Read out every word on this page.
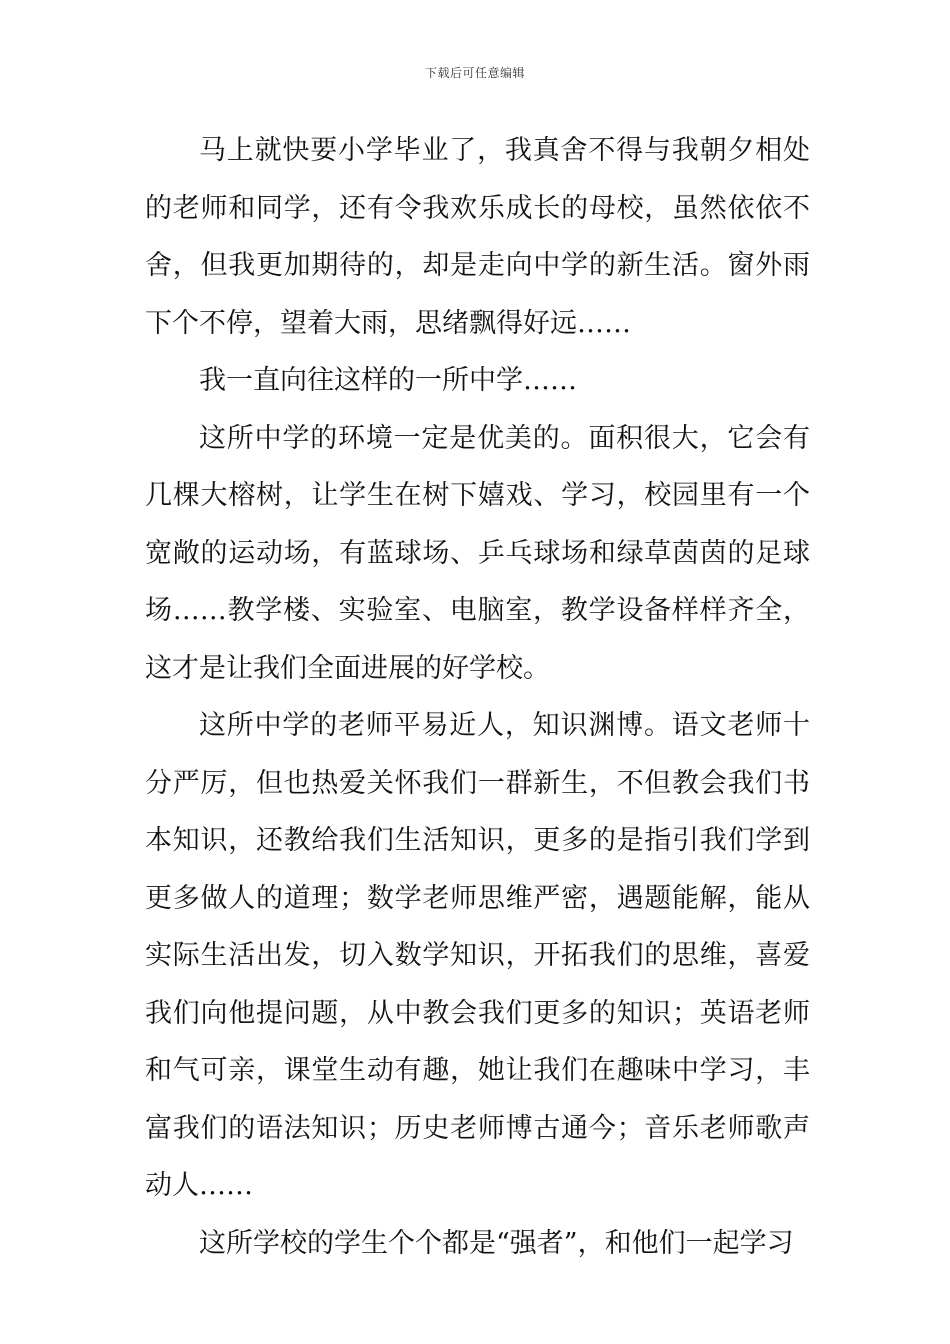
下载后可任意编辑

马上就快要小学毕业了，我真舍不得与我朝夕相处的老师和同学，还有令我欢乐成长的母校，虽然依依不舍，但我更加期待的，却是走向中学的新生活。窗外雨下个不停，望着大雨，思绪飘得好远……

我一直向往这样的一所中学……

这所中学的环境一定是优美的。面积很大，它会有几棵大榕树，让学生在树下嬉戏、学习，校园里有一个宽敞的运动场，有蓝球场、乒乓球场和绿草茵茵的足球场……教学楼、实验室、电脑室，教学设备样样齐全，这才是让我们全面进展的好学校。

这所中学的老师平易近人，知识渊博。语文老师十分严厉，但也热爱关怀我们一群新生，不但教会我们书本知识，还教给我们生活知识，更多的是指引我们学到更多做人的道理；数学老师思维严密，遇题能解，能从实际生活出发，切入数学知识，开拓我们的思维，喜爱我们向他提问题，从中教会我们更多的知识；英语老师和气可亲，课堂生动有趣，她让我们在趣味中学习，丰富我们的语法知识；历史老师博古通今；音乐老师歌声动人……

这所学校的学生个个都是“强者”，和他们一起学习
